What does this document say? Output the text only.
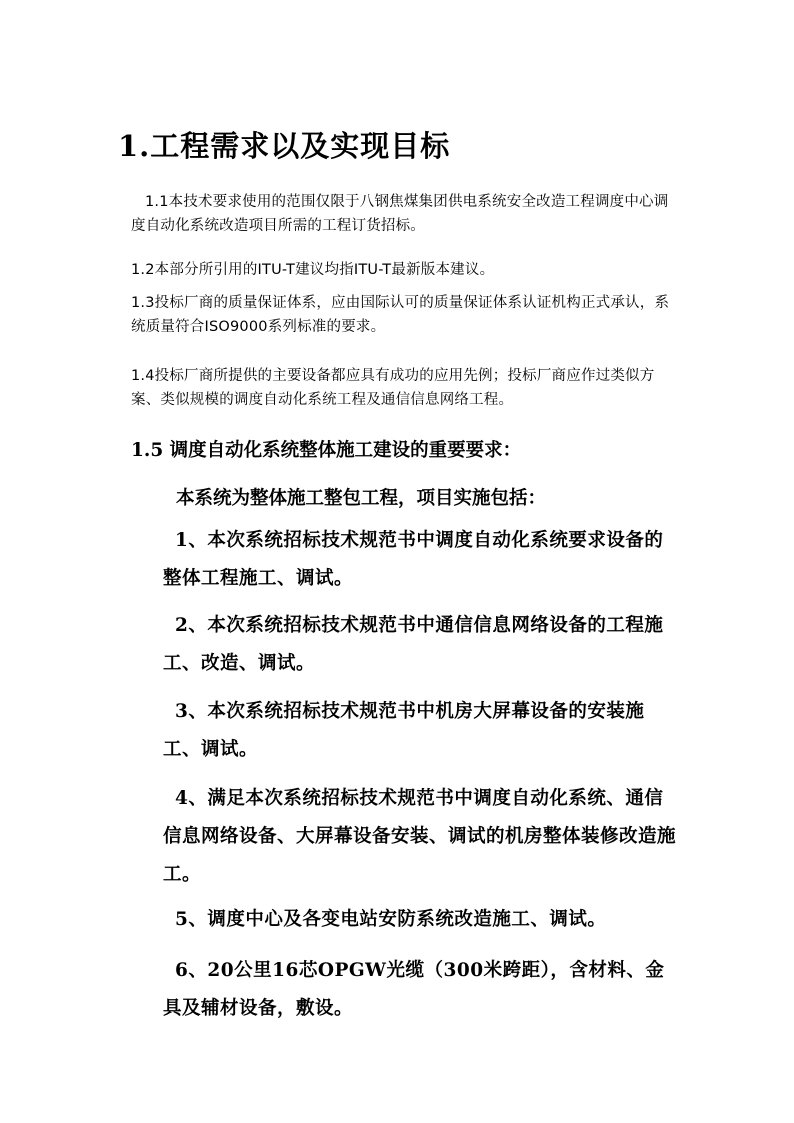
1.工程需求以及实现目标
1.1本技术要求使用的范围仅限于八钢焦煤集团供电系统安全改造工程调度中心调度自动化系统改造项目所需的工程订货招标。
1.2本部分所引用的ITU-T建议均指ITU-T最新版本建议。
1.3投标厂商的质量保证体系，应由国际认可的质量保证体系认证机构正式承认，系统质量符合ISO9000系列标准的要求。
1.4投标厂商所提供的主要设备都应具有成功的应用先例；投标厂商应作过类似方案、类似规模的调度自动化系统工程及通信信息网络工程。
1.5 调度自动化系统整体施工建设的重要要求：
本系统为整体施工整包工程，项目实施包括：
1、本次系统招标技术规范书中调度自动化系统要求设备的整体工程施工、调试。
2、本次系统招标技术规范书中通信信息网络设备的工程施工、改造、调试。
3、本次系统招标技术规范书中机房大屏幕设备的安装施工、调试。
4、满足本次系统招标技术规范书中调度自动化系统、通信信息网络设备、大屏幕设备安装、调试的机房整体装修改造施工。
5、调度中心及各变电站安防系统改造施工、调试。
6、20公里16芯OPGW光缆（300米跨距），含材料、金具及辅材设备，敷设。
